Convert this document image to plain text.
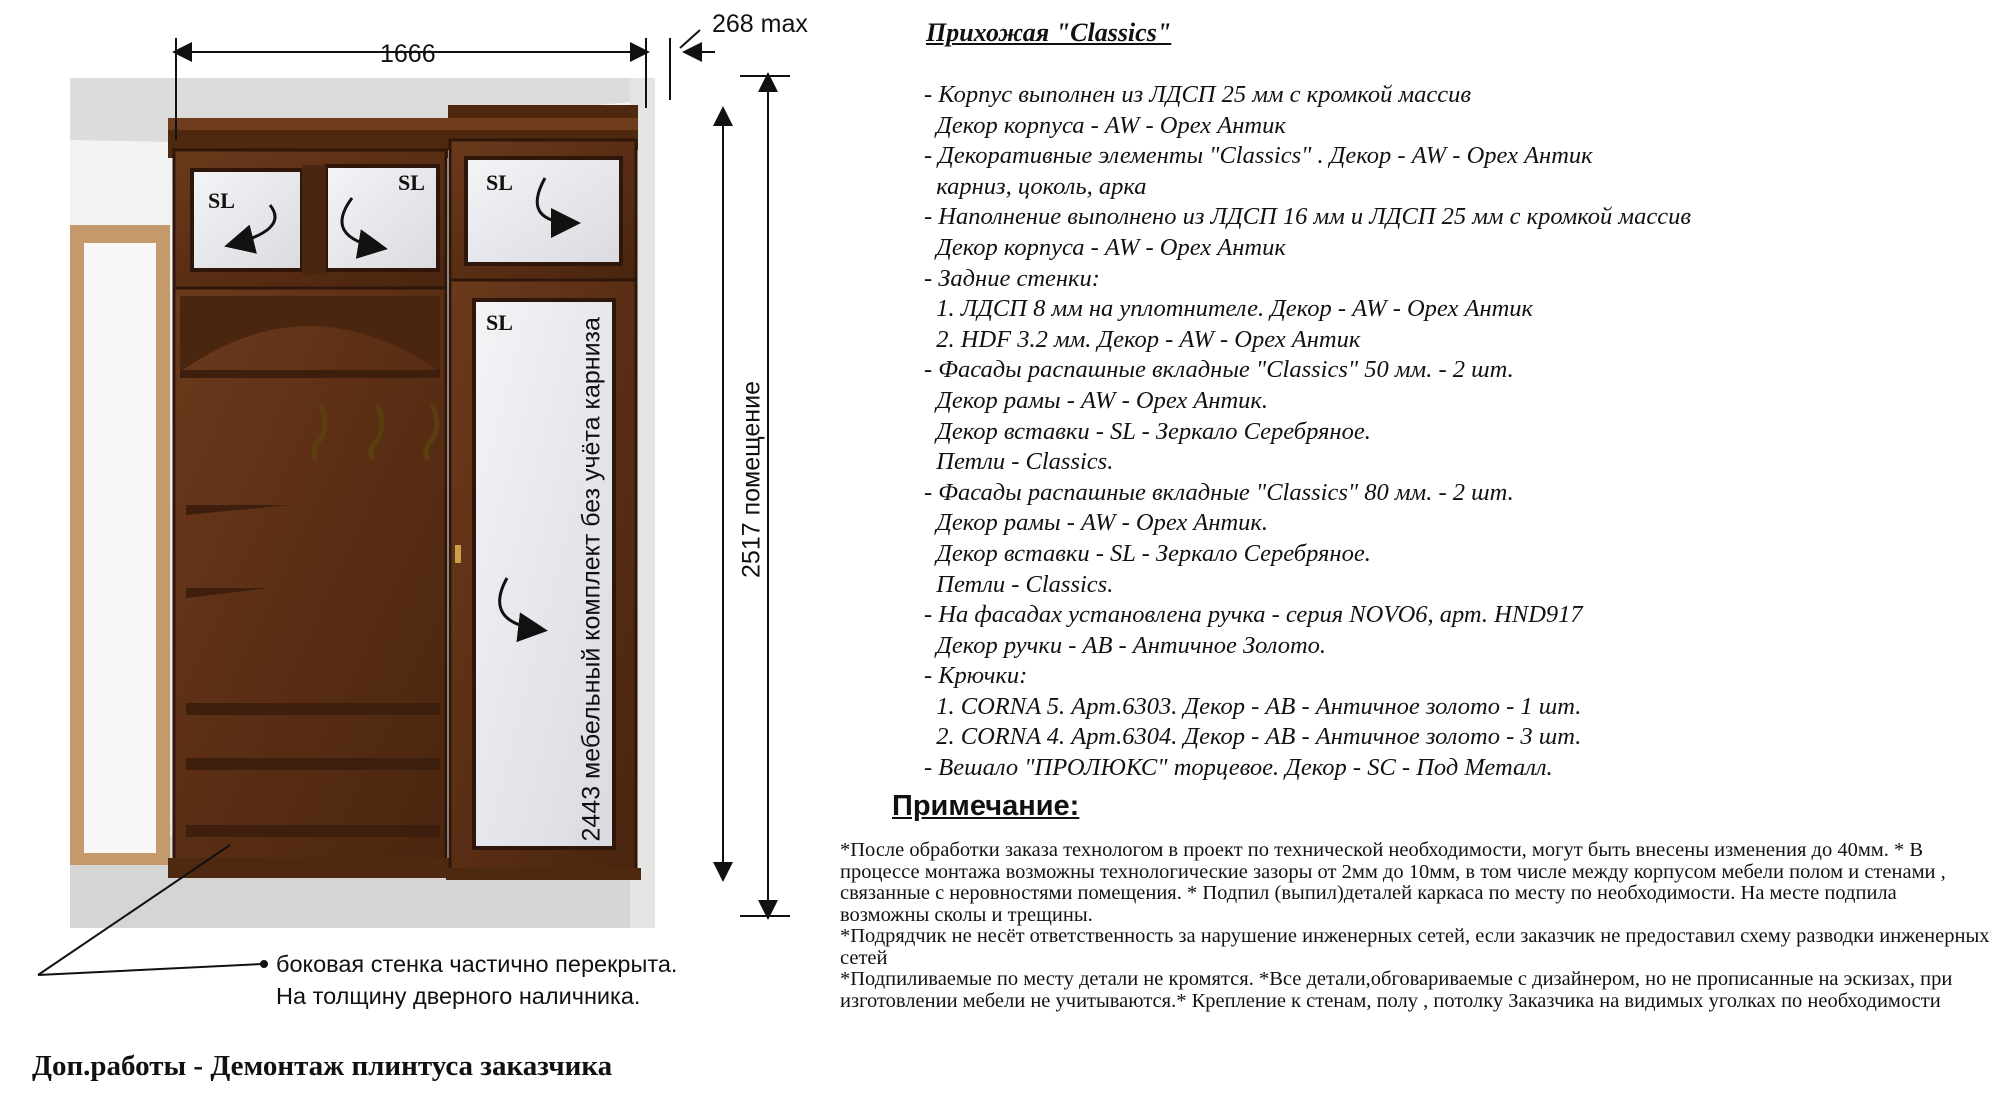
SL
SL	SL
SL
1666
268 max
2443 мебельный комплект без учёта карниза	2517 помещение
боковая стенка частично перекрыта.
На толщину дверного наличника.
Доп.работы - Демонтаж плинтуса заказчика
Прихожая "Classics"
- Корпус выполнен из ЛДСП 25 мм с кромкой массив
Декор корпуса - AW - Орех Антик
- Декоративные элементы "Classics" . Декор - AW - Орех Антик
карниз, цоколь, арка
- Наполнение выполнено из ЛДСП 16 мм и ЛДСП 25 мм с кромкой массив
Декор корпуса - AW - Орех Антик
- Задние стенки:
1. ЛДСП 8 мм на уплотнителе. Декор - AW - Орех Антик
2. HDF 3.2 мм. Декор - AW - Орех Антик
- Фасады распашные вкладные "Classics" 50 мм. - 2 шт.
Декор рамы - AW - Орех Антик.
Декор вставки - SL - Зеркало Серебряное.
Петли - Classics.
- Фасады распашные вкладные "Classics" 80 мм. - 2 шт.
Декор рамы - AW - Орех Антик.
Декор вставки - SL - Зеркало Серебряное.
Петли - Classics.
- На фасадах установлена ручка - серия NOVO6, арт. HND917
Декор ручки - AB - Античное Золото.
- Крючки:
1. CORNA 5. Арт.6303. Декор - AB - Античное золото - 1 шт.
2. CORNA 4. Арт.6304. Декор - AB - Античное золото - 3 шт.
- Вешало "ПРОЛЮКС" торцевое. Декор - SC - Под Металл.
Примечание:

*После обработки заказа технологом в проект по технической необходимости, могут быть внесены изменения до 40мм. * В процессе монтажа возможны технологические зазоры от 2мм до 10мм, в том числе между корпусом мебели полом и стенами , связанные с неровностями помещения. * Подпил (выпил)деталей каркаса по месту по необходимости. На месте подпила возможны сколы и трещины.

*Подрядчик не несёт ответственность за нарушение инженерных сетей, если заказчик не предоставил схему разводки инженерных сетей

*Подпиливаемые по месту детали не кромятся. *Все детали,обговариваемые с дизайнером, но не прописанные на эскизах, при изготовлении мебели не учитываются.* Крепление к стенам, полу , потолку Заказчика на видимых уголках по необходимости
